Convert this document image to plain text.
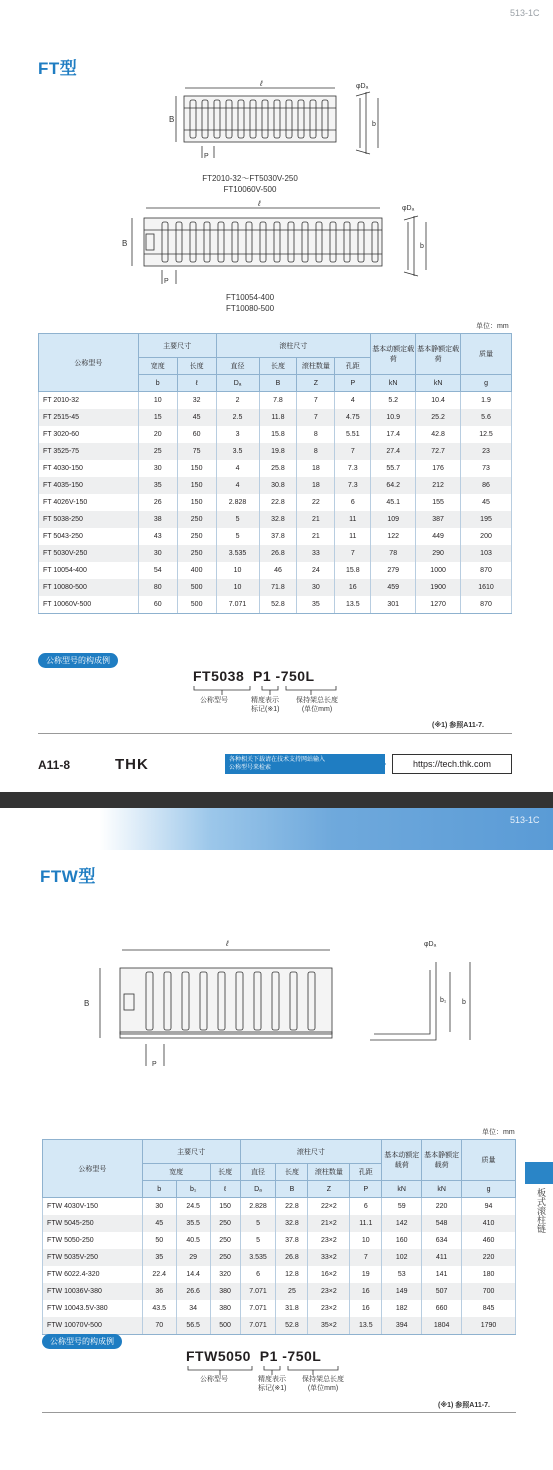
513-1C
FT型
ℓ
B
P
b
φDₐ
FT2010-32～FT5030V-250
FT10060V-500
ℓ
B
P
b
φDₐ
FT10054-400
FT10080-500
单位：mm
公称型号	主要尺寸		滚柱尺寸				基本动额定载荷	基本静额定载荷	质量
	宽度	长度	直径	长度	滚柱数量	孔距			
	b	ℓ	Dₐ	B	Z	P	kN	kN	g
FT 2010-32	10	32	2	7.8	7	4	5.2	10.4	1.9
FT 2515-45	15	45	2.5	11.8	7	4.75	10.9	25.2	5.6
FT 3020-60	20	60	3	15.8	8	5.51	17.4	42.8	12.5
FT 3525-75	25	75	3.5	19.8	8	7	27.4	72.7	23
FT 4030-150	30	150	4	25.8	18	7.3	55.7	176	73
FT 4035-150	35	150	4	30.8	18	7.3	64.2	212	86
FT 4026V-150	26	150	2.828	22.8	22	6	45.1	155	45
FT 5038-250	38	250	5	32.8	21	11	109	387	195
FT 5043-250	43	250	5	37.8	21	11	122	449	200
FT 5030V-250	30	250	3.535	26.8	33	7	78	290	103
FT 10054-400	54	400	10	46	24	15.8	279	1000	870
FT 10080-500	80	500	10	71.8	30	16	459	1900	1610
FT 10060V-500	60	500	7.071	52.8	35	13.5	301	1270	870
公称型号的构成例
FT5038  P1 -750L
公称型号	精度表示
标记(※1)
保持架总长度
(单位mm)
(※1) 参照A11-7.
A11-8	THK	各种相关下载请在技术支持网站输入
公称型号来检索	https://tech.thk.com
513-1C
FTW型
ℓ
B
P
b₁ b
φDₐ
单位：mm
公称型号	主要尺寸			滚柱尺寸				基本动额定载荷	基本静额定载荷	质量
	宽度		长度	直径	长度	滚柱数量	孔距			
	b	b₁	ℓ	Dₐ	B	Z	P	kN	kN	g
FTW 4030V-150	30	24.5	150	2.828	22.8	22×2	6	59	220	94
FTW 5045-250	45	35.5	250	5	32.8	21×2	11.1	142	548	410
FTW 5050-250	50	40.5	250	5	37.8	23×2	10	160	634	460
FTW 5035V-250	35	29	250	3.535	26.8	33×2	7	102	411	220
FTW 6022.4-320	22.4	14.4	320	6	12.8	16×2	19	53	141	180
FTW 10036V-380	36	26.6	380	7.071	25	23×2	16	149	507	700
FTW 10043.5V-380	43.5	34	380	7.071	31.8	23×2	16	182	660	845
FTW 10070V-500	70	56.5	500	7.071	52.8	35×2	13.5	394	1804	1790
板式滚柱链
公称型号的构成例
FTW5050  P1 -750L
公称型号	精度表示
标记(※1)
保持架总长度
(单位mm)
(※1) 参照A11-7.
